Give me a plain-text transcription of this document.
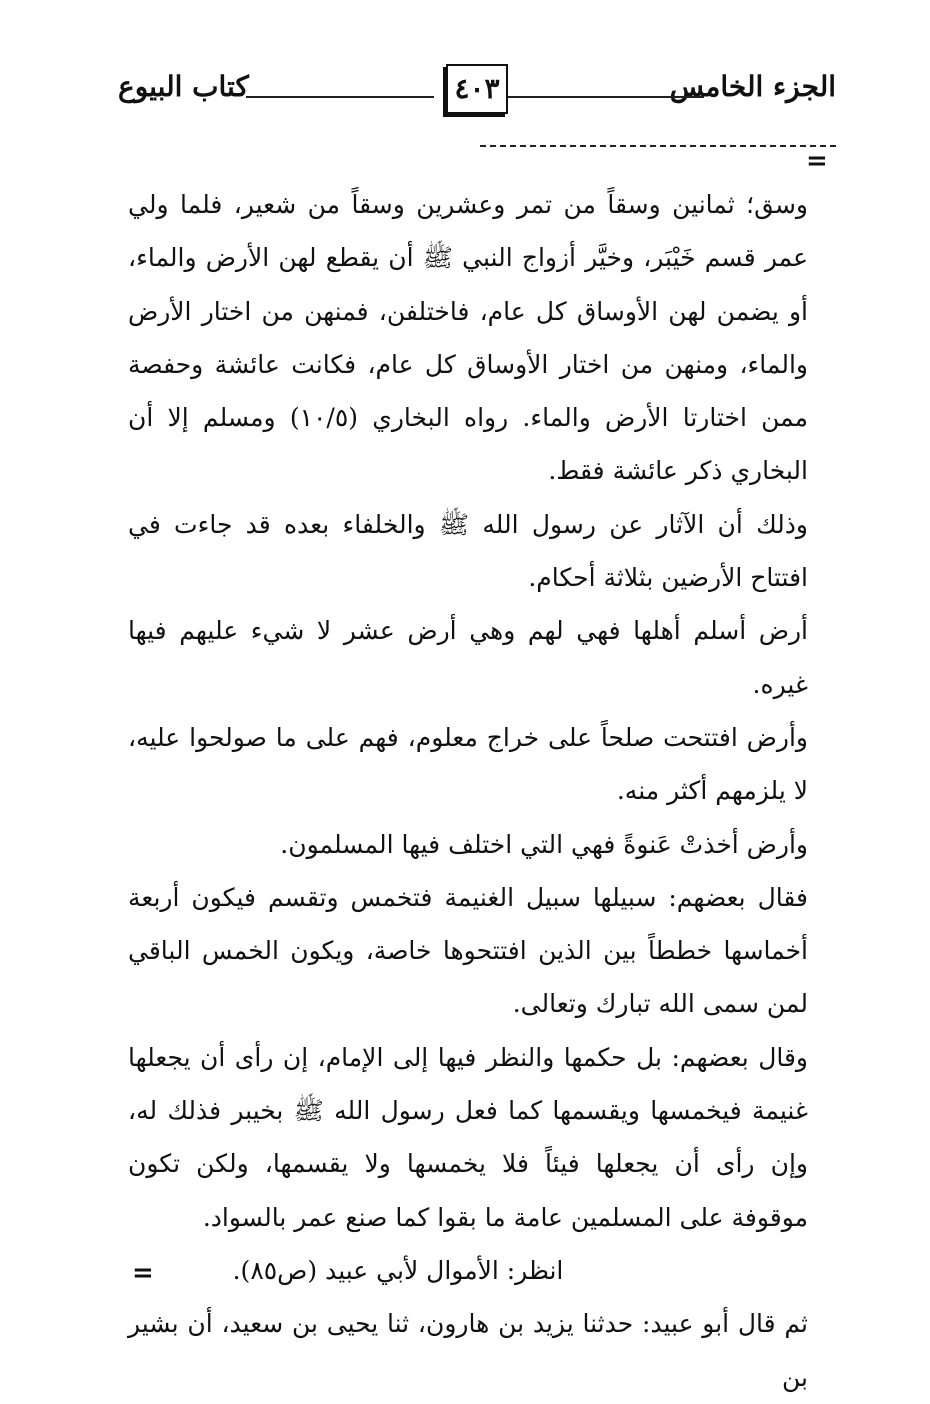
الجزء الخامس
٤٠٣
كتاب البيوع
=

وسق؛ ثمانين وسقاً من تمر وعشرين وسقاً من شعير، فلما ولي عمر قسم خَيْبَر، وخيَّر أزواج النبي ﷺ أن يقطع لهن الأرض والماء، أو يضمن لهن الأوساق كل عام، فاختلفن، فمنهن من اختار الأرض والماء، ومنهن من اختار الأوساق كل عام، فكانت عائشة وحفصة ممن اختارتا الأرض والماء. رواه البخاري (١٠/٥) ومسلم إلا أن البخاري ذكر عائشة فقط.

وذلك أن الآثار عن رسول الله ﷺ والخلفاء بعده قد جاءت في افتتاح الأرضين بثلاثة أحكام.

أرض أسلم أهلها فهي لهم وهي أرض عشر لا شيء عليهم فيها غيره.

وأرض افتتحت صلحاً على خراج معلوم، فهم على ما صولحوا عليه، لا يلزمهم أكثر منه.

وأرض أخذتْ عَنوةً فهي التي اختلف فيها المسلمون.

فقال بعضهم: سبيلها سبيل الغنيمة فتخمس وتقسم فيكون أربعة أخماسها خططاً بين الذين افتتحوها خاصة، ويكون الخمس الباقي لمن سمى الله تبارك وتعالى.

وقال بعضهم: بل حكمها والنظر فيها إلى الإمام، إن رأى أن يجعلها غنيمة فيخمسها ويقسمها كما فعل رسول الله ﷺ بخيبر فذلك له، وإن رأى أن يجعلها فيئاً فلا يخمسها ولا يقسمها، ولكن تكون موقوفة على المسلمين عامة ما بقوا كما صنع عمر بالسواد.

انظر: الأموال لأبي عبيد (ص٨٥).

ثم قال أبو عبيد: حدثنا يزيد بن هارون، ثنا يحيى بن سعيد، أن بشير بن

=
